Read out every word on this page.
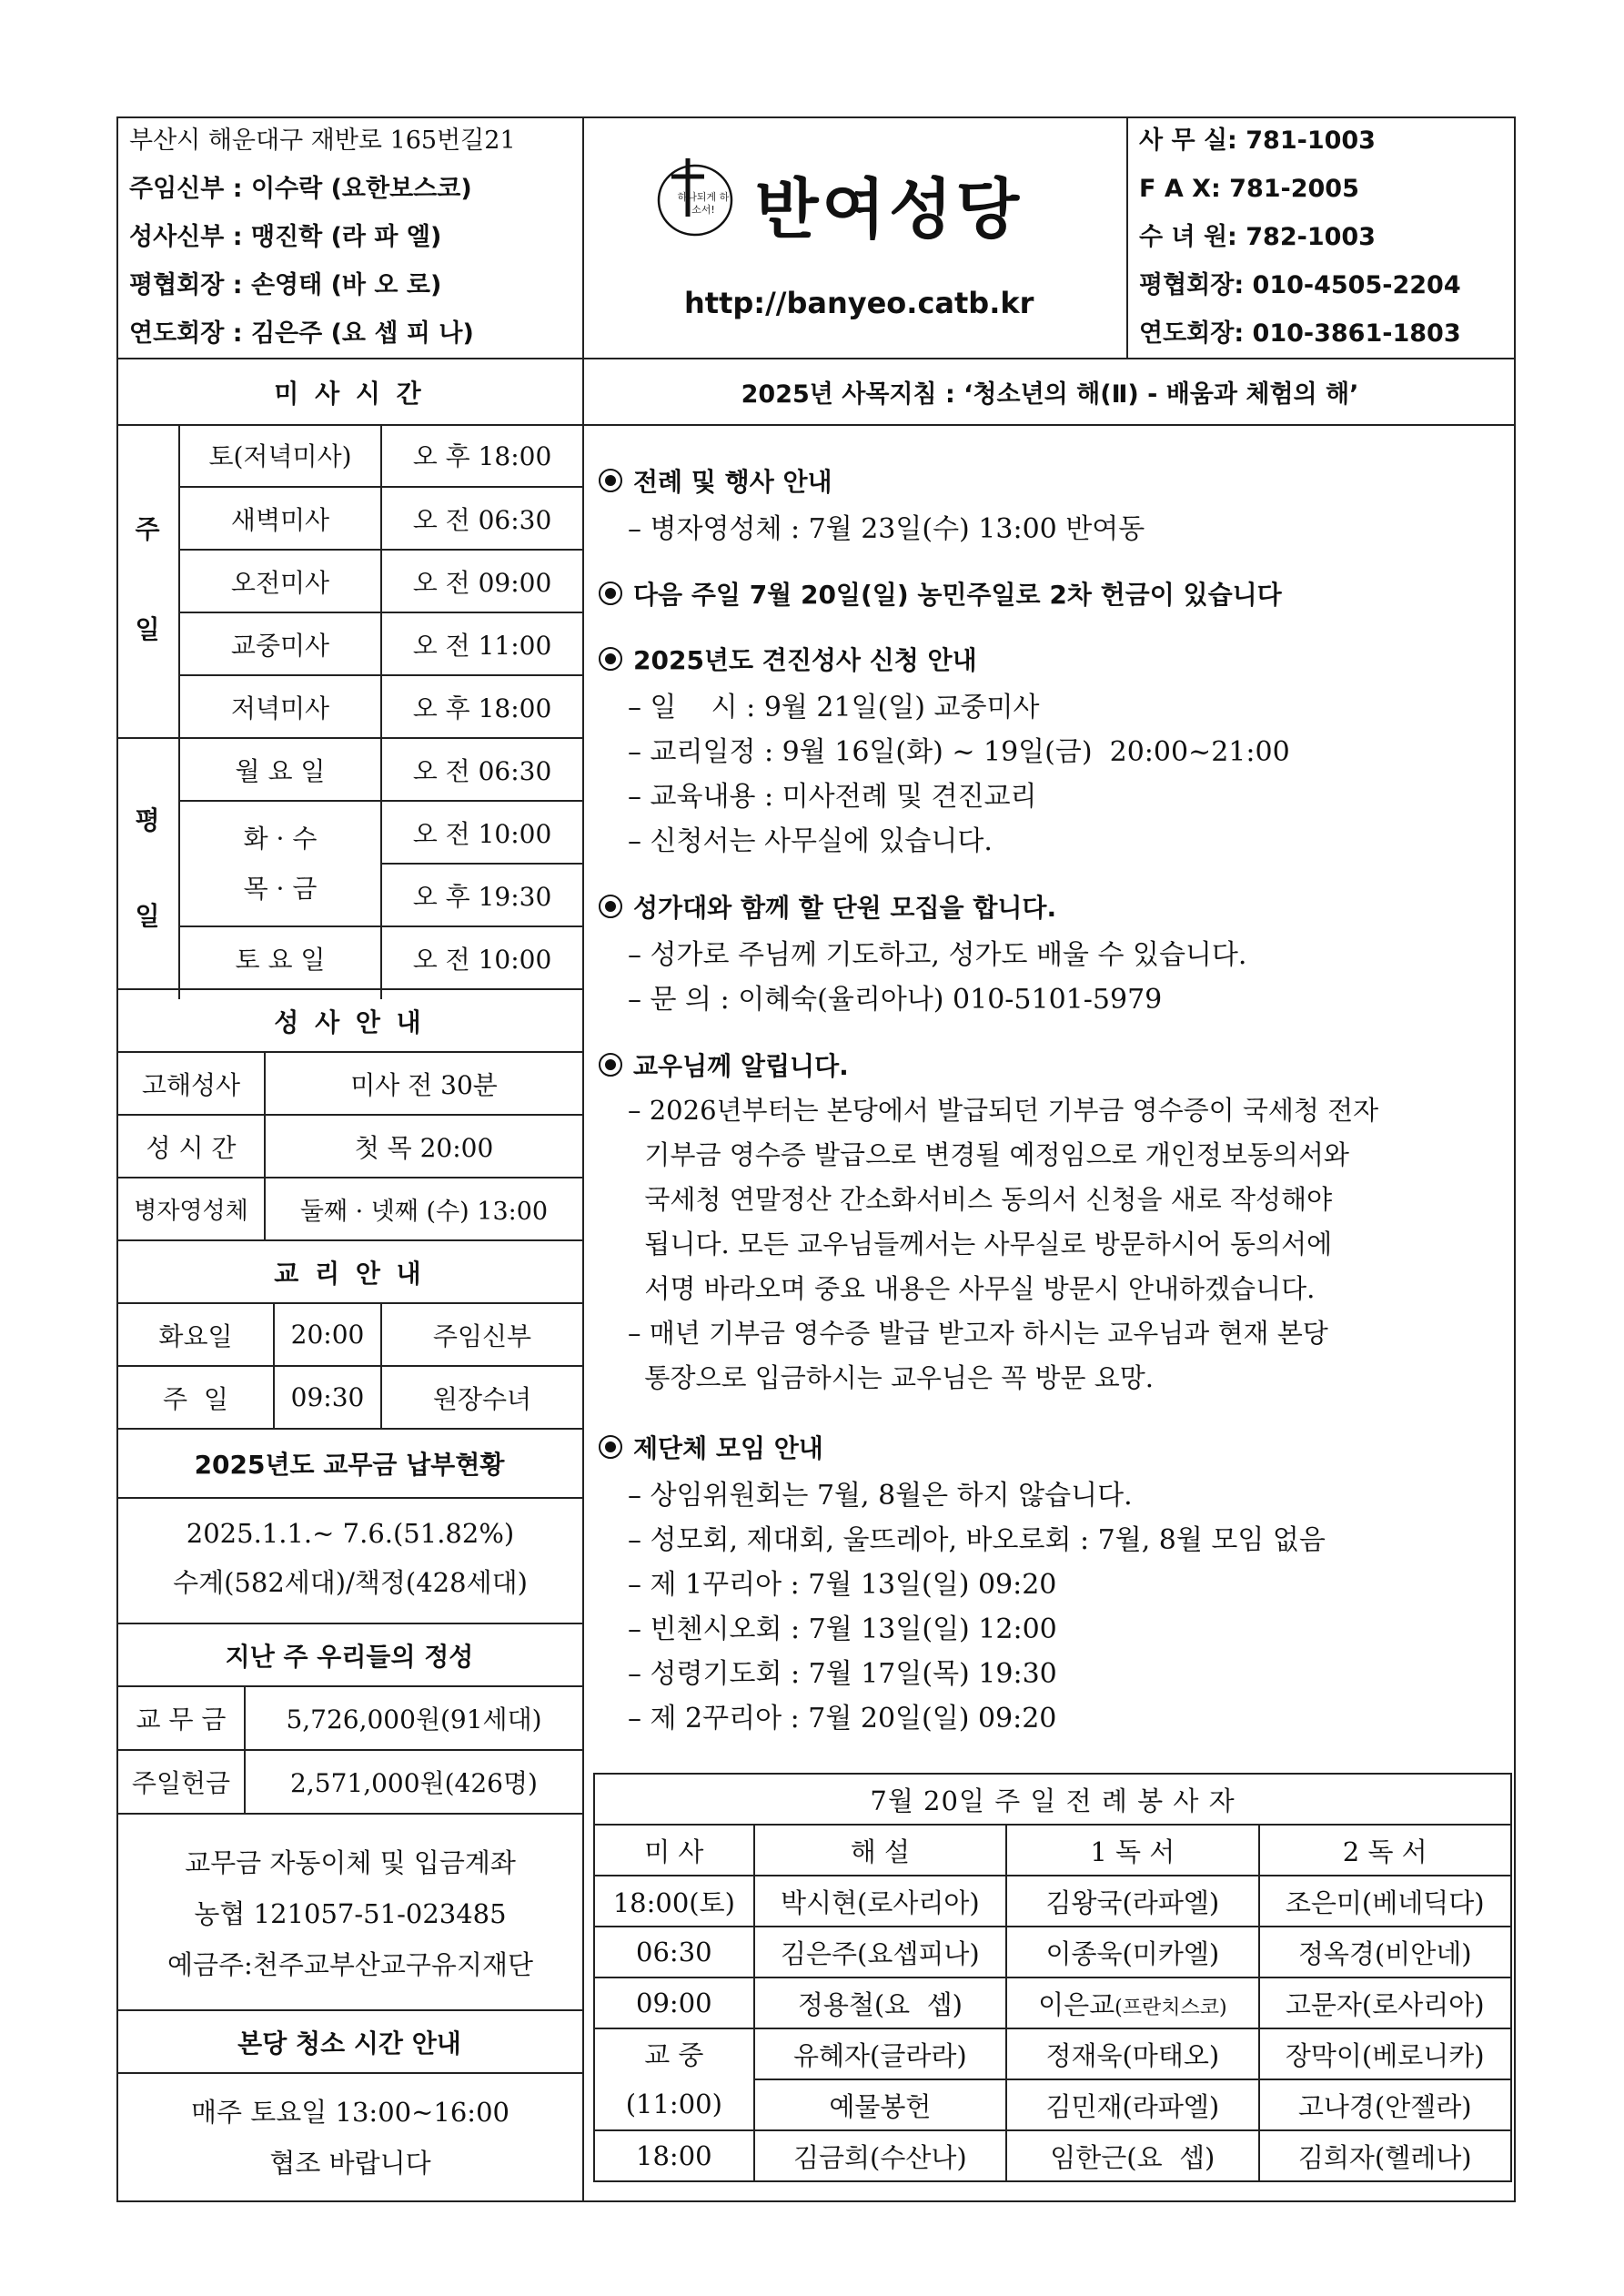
부산시 해운대구 재반로 165번길21
주임신부 : 이수락 (요한보스코)
성사신부 : 맹진학 (라 파 엘)
평협회장 : 손영태 (바 오 로)
연도회장 : 김은주 (요 셉 피 나)
하나되게 하소서! 반여성당
http://banyeo.catb.kr
사 무 실: 781-1003
F A X: 781-2005
수 녀 원: 782-1003
평협회장: 010-4505-2204
연도회장: 010-3861-1803
미 사 시 간
주
일
평
일
토(저녁미사)	오 후 18:00
새벽미사	오 전 06:30
오전미사	오 전 09:00
교중미사	오 전 11:00
저녁미사	오 후 18:00
월 요 일	오 전 06:30
화 · 수
목 · 금
오 전 10:00
오 후 19:30
토 요 일	오 전 10:00
성 사 안 내
고해성사	미사 전 30분
성 시 간	첫 목 20:00
병자영성체	둘째 · 넷째 (수) 13:00
교 리 안 내
화요일	20:00	주임신부
주  일	09:30	원장수녀
2025년도 교무금 납부현황
2025.1.1.~ 7.6.(51.82%)
수계(582세대)/책정(428세대)
지난 주 우리들의 정성
교 무 금	5,726,000원(91세대)
주일헌금	2,571,000원(426명)
교무금 자동이체 및 입금계좌
농협 121057-51-023485
예금주:천주교부산교구유지재단
본당 청소 시간 안내
매주 토요일 13:00~16:00
협조 바랍니다
2025년 사목지침 : ‘청소년의 해(Ⅱ) - 배움과 체험의 해’
전례 및 행사 안내
– 병자영성체 : 7월 23일(수) 13:00 반여동
다음 주일 7월 20일(일) 농민주일로 2차 헌금이 있습니다
2025년도 견진성사 신청 안내
– 일    시 : 9월 21일(일) 교중미사
– 교리일정 : 9월 16일(화) ~ 19일(금)  20:00~21:00
– 교육내용 : 미사전례 및 견진교리
– 신청서는 사무실에 있습니다.
성가대와 함께 할 단원 모집을 합니다.
– 성가로 주님께 기도하고, 성가도 배울 수 있습니다.
– 문 의 : 이혜숙(율리아나) 010-5101-5979
교우님께 알립니다.
– 2026년부터는 본당에서 발급되던 기부금 영수증이 국세청 전자
기부금 영수증 발급으로 변경될 예정임으로 개인정보동의서와
국세청 연말정산 간소화서비스 동의서 신청을 새로 작성해야
됩니다. 모든 교우님들께서는 사무실로 방문하시어 동의서에
서명 바라오며 중요 내용은 사무실 방문시 안내하겠습니다.
– 매년 기부금 영수증 발급 받고자 하시는 교우님과 현재 본당
통장으로 입금하시는 교우님은 꼭 방문 요망.
제단체 모임 안내
– 상임위원회는 7월, 8월은 하지 않습니다.
– 성모회, 제대회, 울뜨레아, 바오로회 : 7월, 8월 모임 없음
– 제 1꾸리아 : 7월 13일(일) 09:20
– 빈첸시오회 : 7월 13일(일) 12:00
– 성령기도회 : 7월 17일(목) 19:30
– 제 2꾸리아 : 7월 20일(일) 09:20
7월 20일 주 일 전 례 봉 사 자			
미 사	해 설	1 독 서	2 독 서
18:00(토)	박시현(로사리아)	김왕국(라파엘)	조은미(베네딕다)
06:30	김은주(요셉피나)	이종욱(미카엘)	정옥경(비안네)
09:00	정용철(요  셉)	이은교(프란치스코)	고문자(로사리아)

교 중
(11:00)	유혜자(글라라)	정재욱(마태오)	장막이(베로니카)
	예물봉헌	김민재(라파엘)	고나경(안젤라)
18:00	김금희(수산나)	임한근(요  셉)	김희자(헬레나)
